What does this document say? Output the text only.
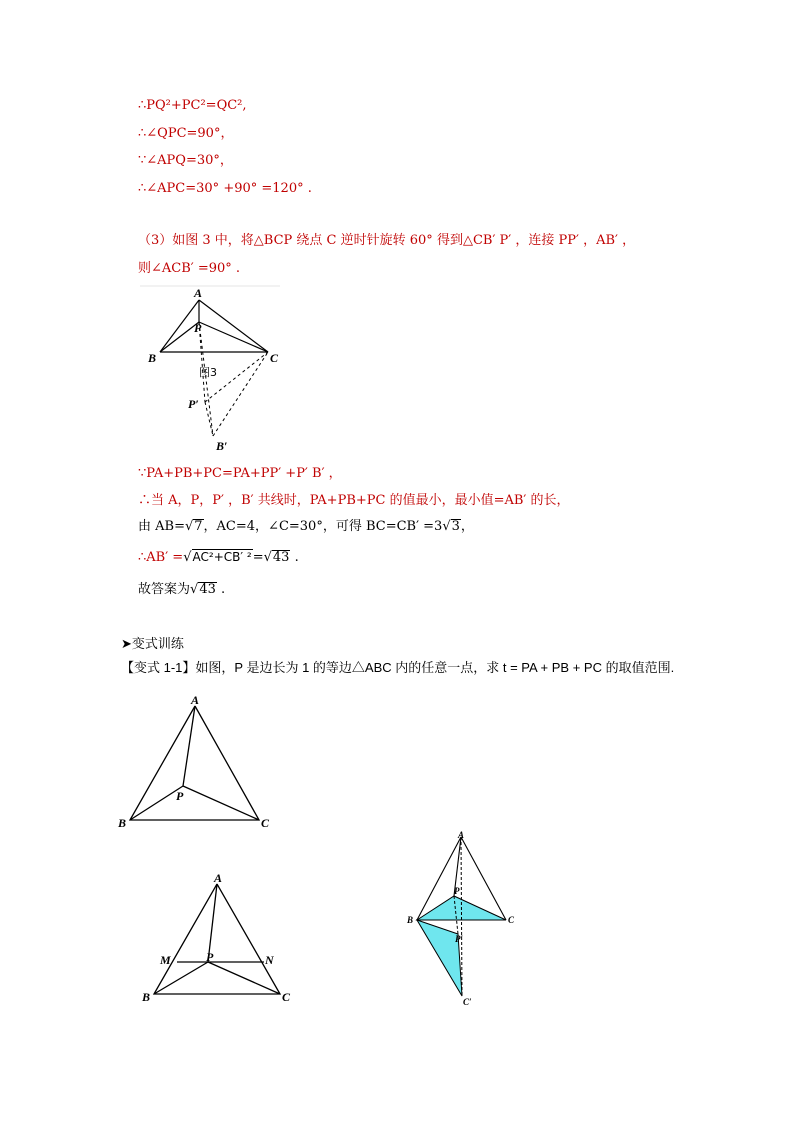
∴PQ²+PC²=QC²,
∴∠QPC=90°，
∵∠APQ=30°，
∴∠APC=30° +90° =120° .
（3）如图 3 中，将△BCP 绕点 C 逆时针旋转 60° 得到△CB′ P′ ，连接 PP′ ，AB′ ，
则∠ACB′ =90° .
A
P
B	C
图3
P′
B′
∵PA+PB+PC=PA+PP′ +P′ B′ ，
∴当 A，P，P′ ，B′ 共线时，PA+PB+PC 的值最小，最小值=AB′ 的长，
由 AB=√7，AC=4，∠C=30°，可得 BC=CB′ =3√3，
∴AB′ =√AC²+CB′ ²=√43 .
故答案为√43 .
➤变式训练
【变式 1-1】如图，P 是边长为 1 的等边△ABC 内的任意一点，求 t = PA + PB + PC 的取值范围.
A
P
B	C
A
M	P	N
B	C
A
P
B	C
P′
C′
